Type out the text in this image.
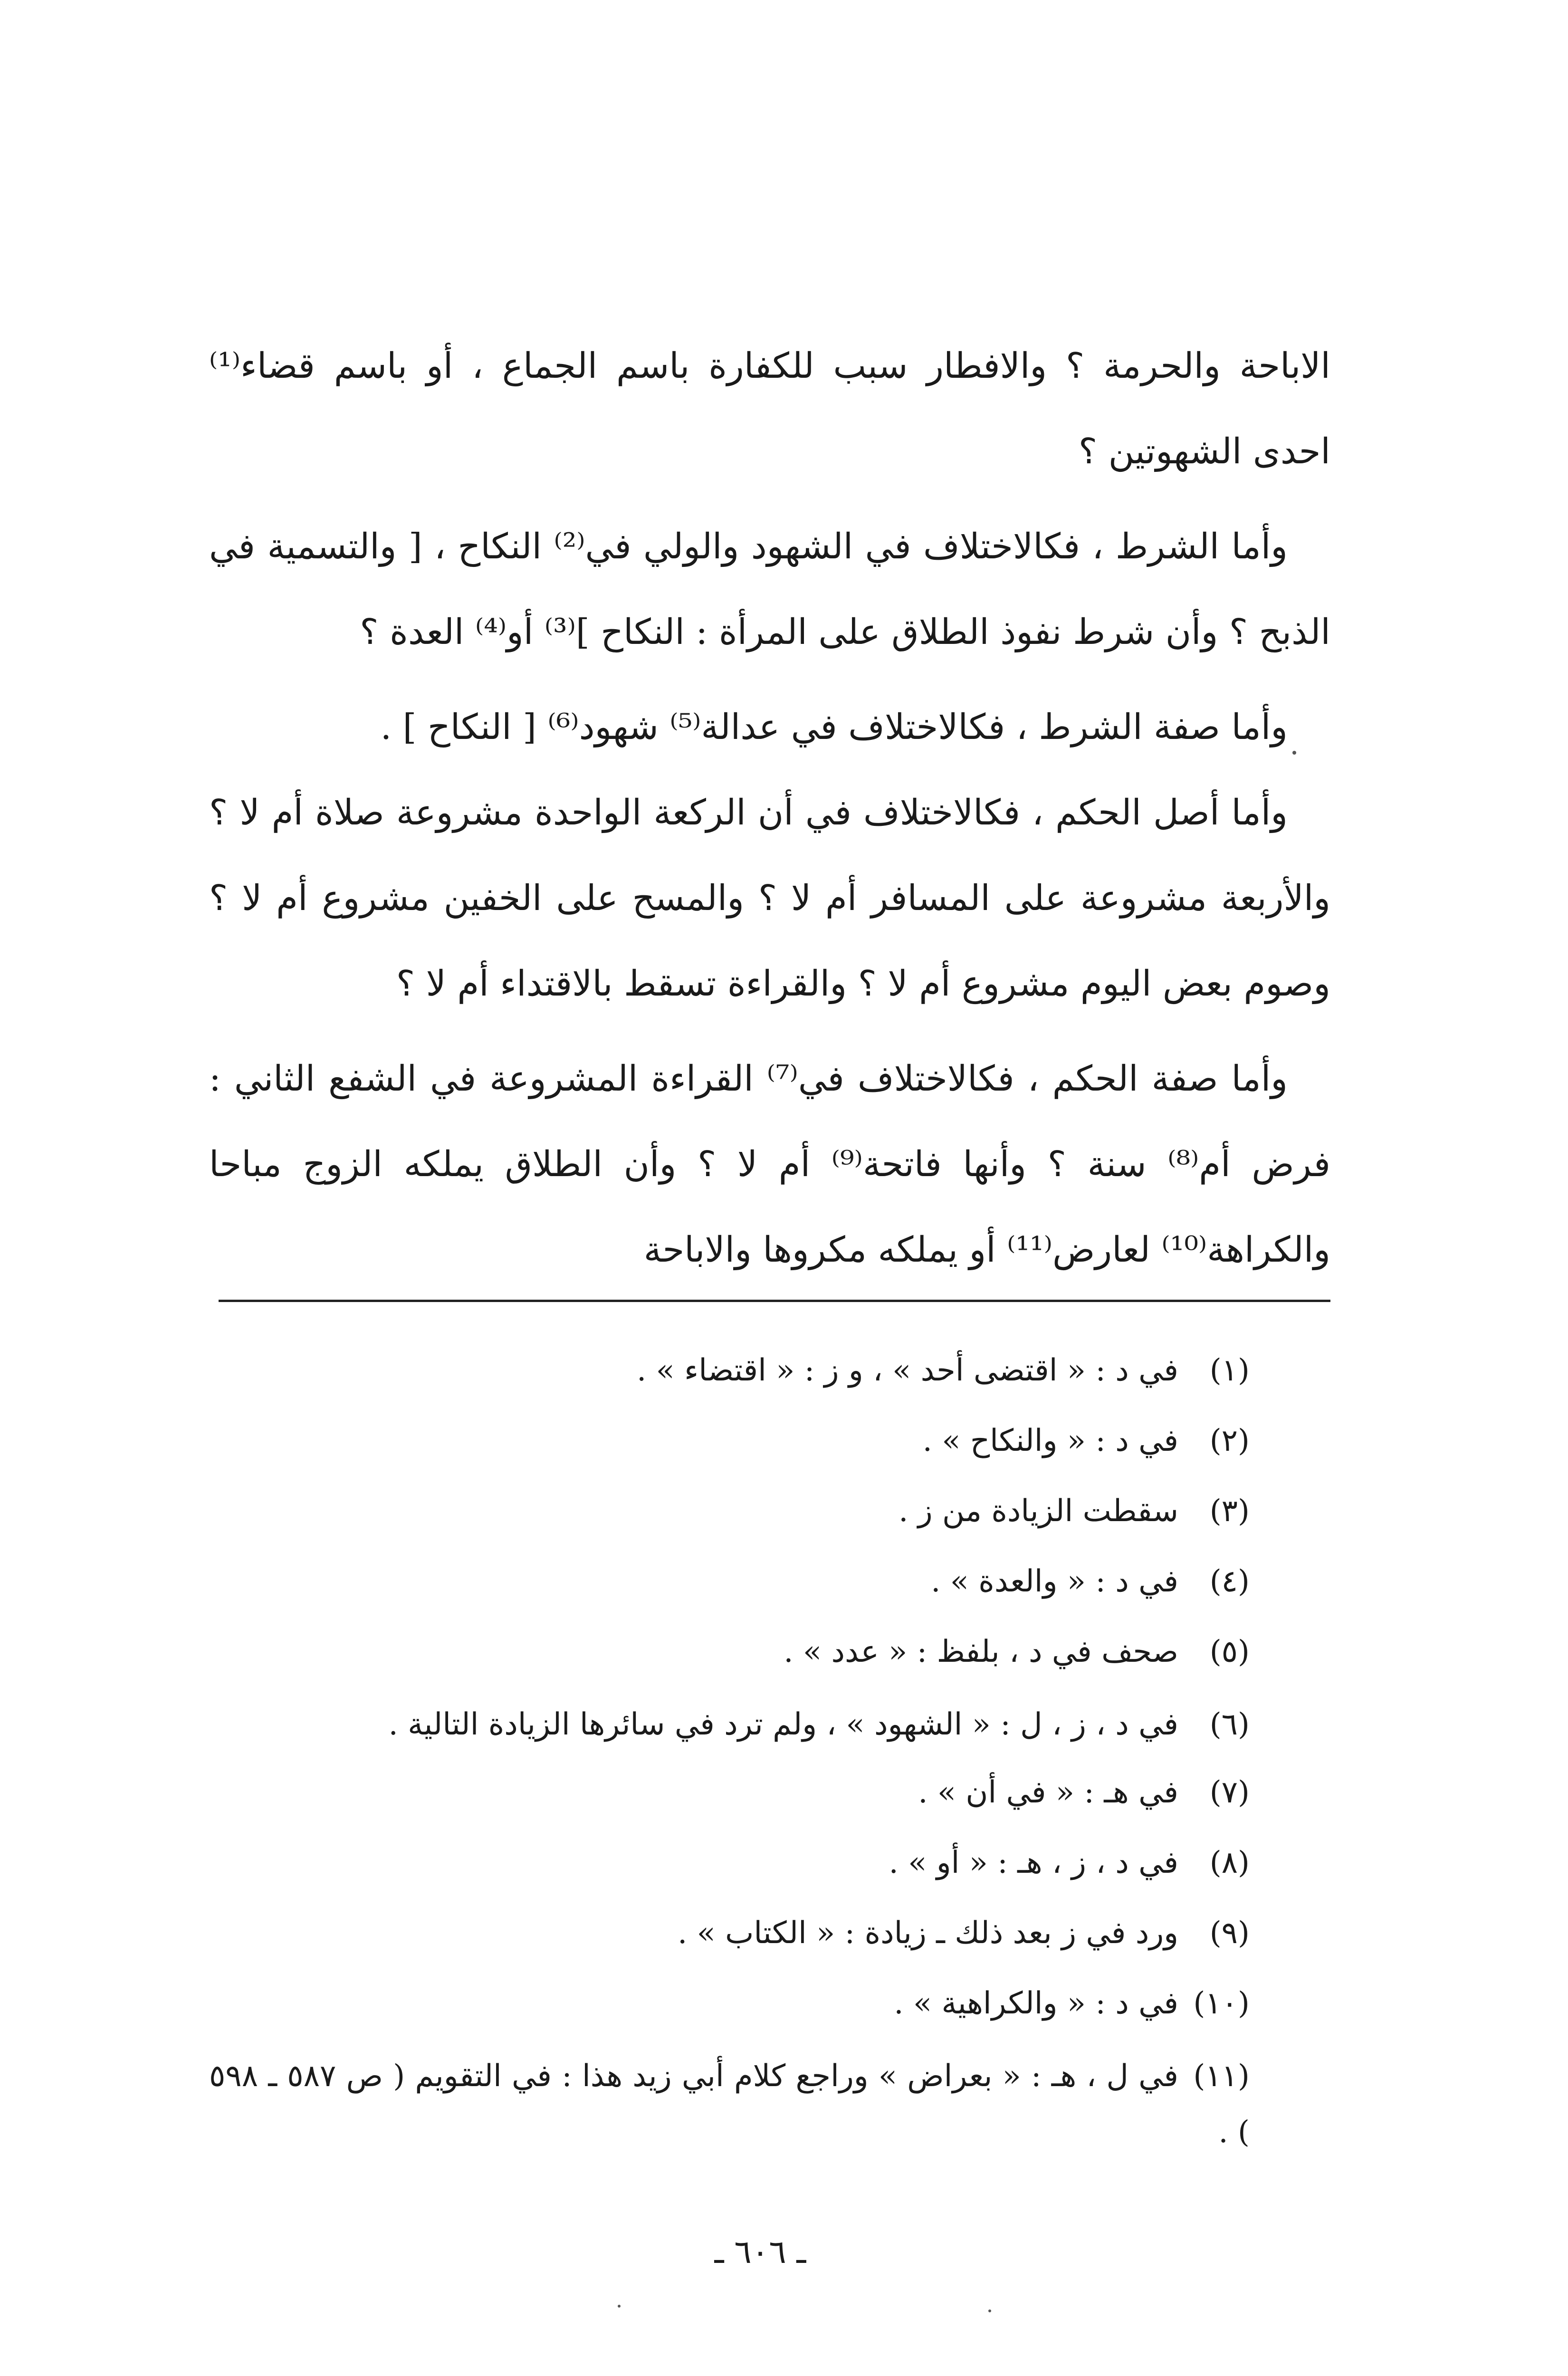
الاباحة والحرمة ؟ والافطار سبب للكفارة باسم الجماع ، أو باسم قضاء⁽¹⁾ احدى الشهوتين ؟

وأما الشرط ، فكالاختلاف في الشهود والولي في⁽²⁾ النكاح ، [ والتسمية في الذبح ؟ وأن شرط نفوذ الطلاق على المرأة : النكاح ]⁽³⁾ أو⁽⁴⁾ العدة ؟

وأما صفة الشرط ، فكالاختلاف في عدالة⁽⁵⁾ شهود⁽⁶⁾ [ النكاح ] .

وأما أصل الحكم ، فكالاختلاف في أن الركعة الواحدة مشروعة صلاة أم لا ؟ والأربعة مشروعة على المسافر أم لا ؟ والمسح على الخفين مشروع أم لا ؟ وصوم بعض اليوم مشروع أم لا ؟ والقراءة تسقط بالاقتداء أم لا ؟

وأما صفة الحكم ، فكالاختلاف في⁽⁷⁾ القراءة المشروعة في الشفع الثاني : فرض أم⁽⁸⁾ سنة ؟ وأنها فاتحة⁽⁹⁾ أم لا ؟ وأن الطلاق يملكه الزوج مباحا والكراهة⁽¹⁰⁾ لعارض⁽¹¹⁾ أو يملكه مكروها والاباحة

(١)في د : « اقتضى أحد » ، و ز : « اقتضاء » .
(٢)في د : « والنكاح » .
(٣)سقطت الزيادة من ز .
(٤)في د : « والعدة » .
(٥)صحف في د ، بلفظ : « عدد » .
(٦)في د ، ز ، ل : « الشهود » ، ولم ترد في سائرها الزيادة التالية .
(٧)في هـ : « في أن » .
(٨)في د ، ز ، هـ : « أو » .
(٩)ورد في ز بعد ذلك ـ زيادة : « الكتاب » .
(١٠)في د : « والكراهية » .
(١١)في ل ، هـ : « بعراض » وراجع كلام أبي زيد هذا : في التقويم ( ص ٥٨٧ ـ ٥٩٨ ) .
ـ ٦٠٦ ـ
